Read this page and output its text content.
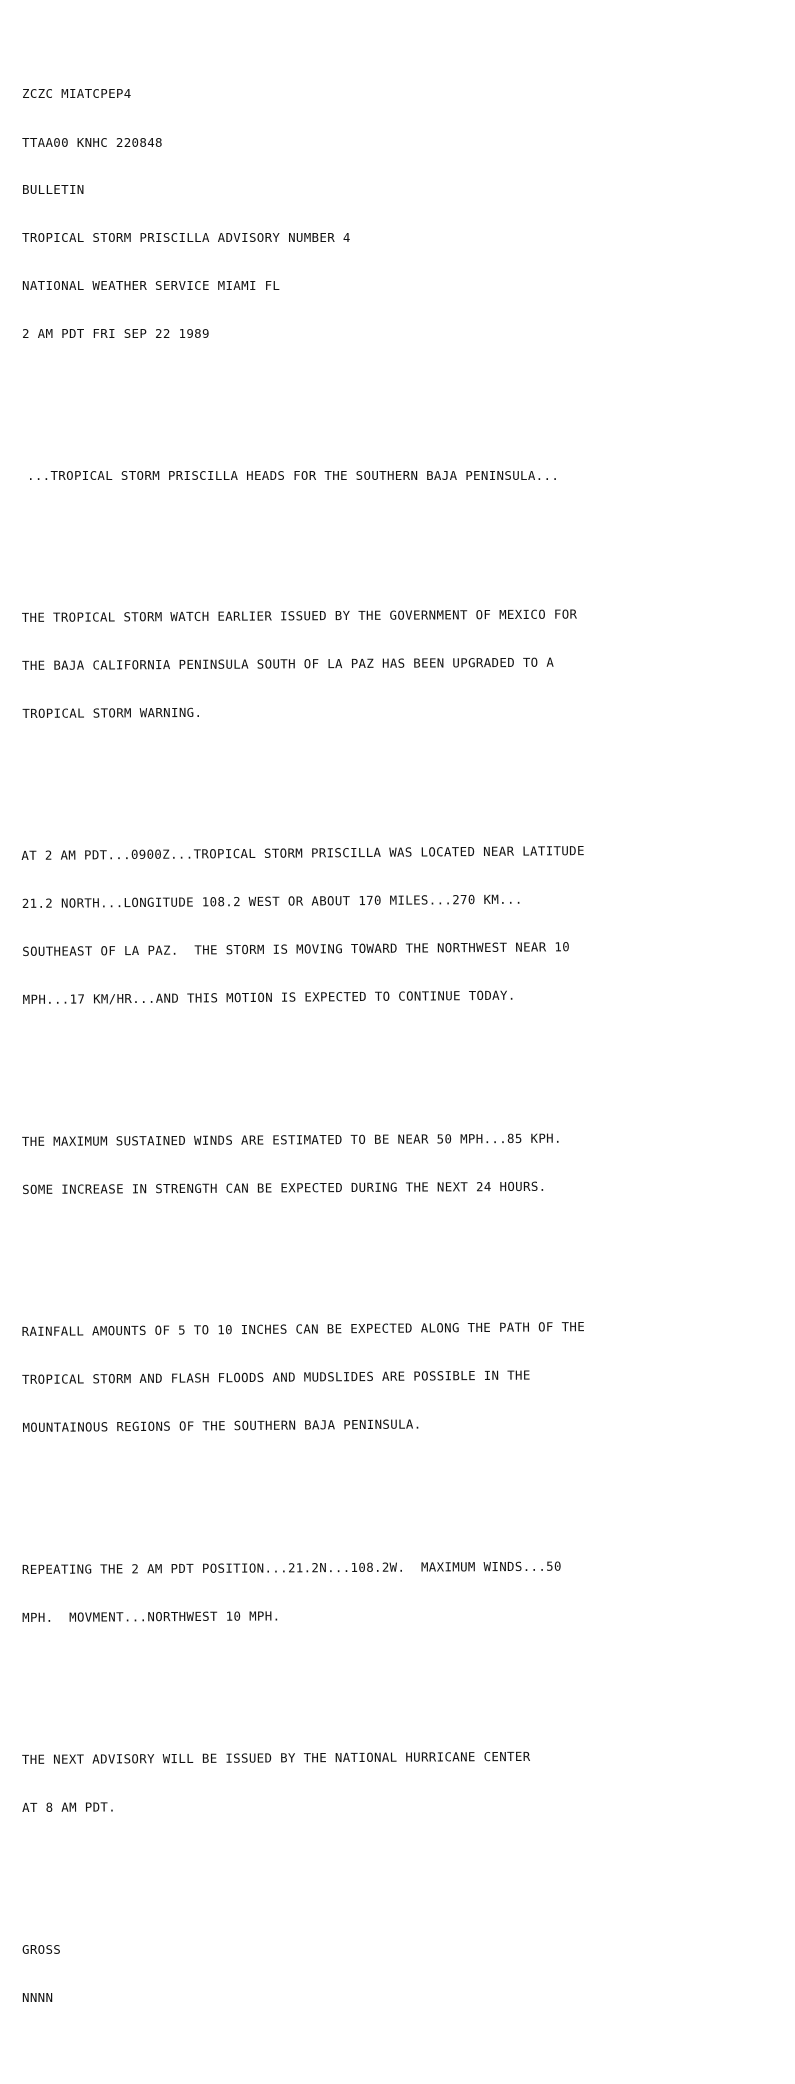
ZCZC MIATCPEP4

TTAA00 KNHC 220848

BULLETIN

TROPICAL STORM PRISCILLA ADVISORY NUMBER 4

NATIONAL WEATHER SERVICE MIAMI FL

2 AM PDT FRI SEP 22 1989

...TROPICAL STORM PRISCILLA HEADS FOR THE SOUTHERN BAJA PENINSULA...

THE TROPICAL STORM WATCH EARLIER ISSUED BY THE GOVERNMENT OF MEXICO FOR

THE BAJA CALIFORNIA PENINSULA SOUTH OF LA PAZ HAS BEEN UPGRADED TO A

TROPICAL STORM WARNING.

AT 2 AM PDT...0900Z...TROPICAL STORM PRISCILLA WAS LOCATED NEAR LATITUDE

21.2 NORTH...LONGITUDE 108.2 WEST OR ABOUT 170 MILES...270 KM...

SOUTHEAST OF LA PAZ.  THE STORM IS MOVING TOWARD THE NORTHWEST NEAR 10

MPH...17 KM/HR...AND THIS MOTION IS EXPECTED TO CONTINUE TODAY.

THE MAXIMUM SUSTAINED WINDS ARE ESTIMATED TO BE NEAR 50 MPH...85 KPH.

SOME INCREASE IN STRENGTH CAN BE EXPECTED DURING THE NEXT 24 HOURS.

RAINFALL AMOUNTS OF 5 TO 10 INCHES CAN BE EXPECTED ALONG THE PATH OF THE

TROPICAL STORM AND FLASH FLOODS AND MUDSLIDES ARE POSSIBLE IN THE

MOUNTAINOUS REGIONS OF THE SOUTHERN BAJA PENINSULA.

REPEATING THE 2 AM PDT POSITION...21.2N...108.2W.  MAXIMUM WINDS...50

MPH.  MOVMENT...NORTHWEST 10 MPH.

THE NEXT ADVISORY WILL BE ISSUED BY THE NATIONAL HURRICANE CENTER

AT 8 AM PDT.

GROSS

NNNN
